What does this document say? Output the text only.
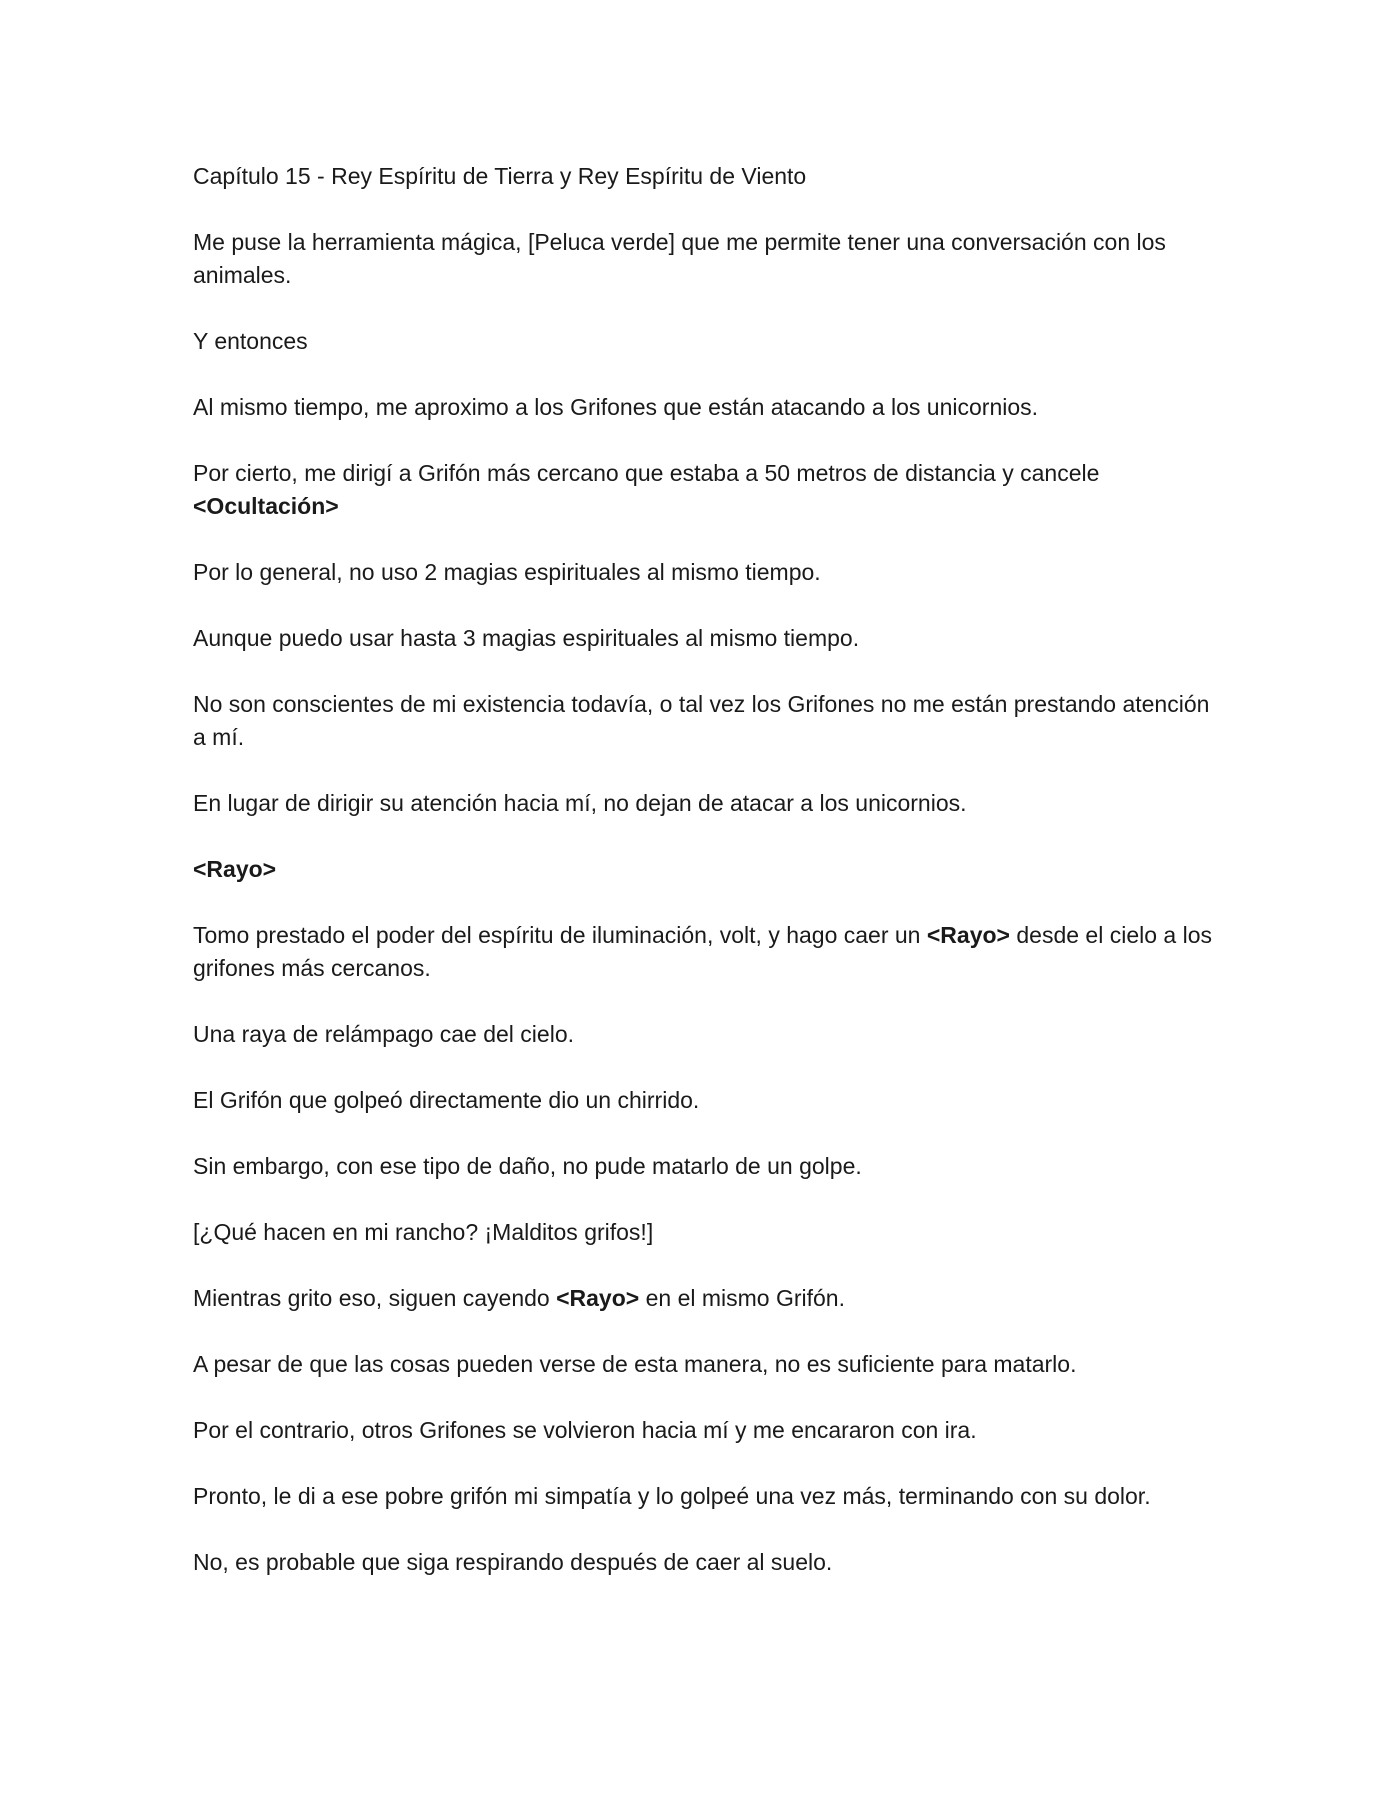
Capítulo 15 - Rey Espíritu de Tierra y Rey Espíritu de Viento

Me puse la herramienta mágica, [Peluca verde] que me permite tener una conversación con los animales.

Y entonces

Al mismo tiempo, me aproximo a los Grifones que están atacando a los unicornios.

Por cierto, me dirigí a Grifón más cercano que estaba a 50 metros de distancia y cancele
<Ocultación>

Por lo general, no uso 2 magias espirituales al mismo tiempo.

Aunque puedo usar hasta 3 magias espirituales al mismo tiempo.

No son conscientes de mi existencia todavía, o tal vez los Grifones no me están prestando atención a mí.

En lugar de dirigir su atención hacia mí, no dejan de atacar a los unicornios.

<Rayo>

Tomo prestado el poder del espíritu de iluminación, volt, y hago caer un <Rayo> desde el cielo a los grifones más cercanos.

Una raya de relámpago cae del cielo.

El Grifón que golpeó directamente dio un chirrido.

Sin embargo, con ese tipo de daño, no pude matarlo de un golpe.

[¿Qué hacen en mi rancho? ¡Malditos grifos!]

Mientras grito eso, siguen cayendo <Rayo> en el mismo Grifón.

A pesar de que las cosas pueden verse de esta manera, no es suficiente para matarlo.

Por el contrario, otros Grifones se volvieron hacia mí y me encararon con ira.

Pronto, le di a ese pobre grifón mi simpatía y lo golpeé una vez más, terminando con su dolor.

No, es probable que siga respirando después de caer al suelo.
